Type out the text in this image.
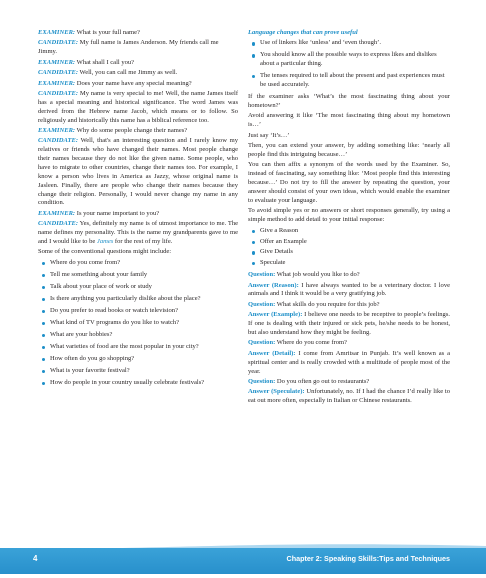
EXAMINER: What is your full name?

CANDIDATE: My full name is James Anderson. My friends call me Jimmy.

EXAMINER: What shall I call you?

CANDIDATE: Well, you can call me Jimmy as well.

EXAMINER: Does your name have any special meaning?

CANDIDATE: My name is very special to me! Well, the name James itself has a special meaning and historical significance. The word James was derived from the Hebrew name Jacob, which means or to follow. So religiously and historically this name has a biblical reference too.

EXAMINER: Why do some people change their names?

CANDIDATE: Well, that's an interesting question and I rarely know my relatives or friends who have changed their names. Most people change their names because they do not like the given name. Some people, who have to migrate to other countries, change their names too. For example, I know a person who lives in America as Jazzy, whose original name is Jasleen. Finally, there are people who change their names because they change their religion. Personally, I would never change my name in any condition.

EXAMINER: Is your name important to you?

CANDIDATE: Yes, definitely my name is of utmost importance to me. The name defines my personality. This is the name my grandparents gave to me and I would like to be James for the rest of my life.

Some of the conventional questions might include:

Where do you come from?
Tell me something about your family
Talk about your place of work or study
Is there anything you particularly dislike about the place?
Do you prefer to read books or watch television?
What kind of TV programs do you like to watch?
What are your hobbies?
What varieties of food are the most popular in your city?
How often do you go shopping?
What is your favorite festival?
How do people in your country usually celebrate festivals?

Language changes that can prove useful

Use of linkers like ‘unless’ and ‘even though’.
You should know all the possible ways to express likes and dislikes about a particular thing.
The tenses required to tell about the present and past experiences must be used accurately.

If the examiner asks ‘What’s the most fascinating thing about your hometown?’

Avoid answering it like ‘The most fascinating thing about my hometown is…’

Just say ‘It’s…’

Then, you can extend your answer, by adding something like: ‘nearly all people find this intriguing because…’

You can then affix a synonym of the words used by the Examiner. So, instead of fascinating, say something like: ‘Most people find this interesting because…’ Do not try to fill the answer by repeating the question, your answer should consist of your own ideas, which would enable the examiner to evaluate your language.

To avoid simple yes or no answers or short responses generally, try using a simple method to add detail to your initial response:

Give a Reason
Offer an Example
Give Details
Speculate

Question: What job would you like to do?

Answer (Reason): I have always wanted to be a veterinary doctor. I love animals and I think it would be a very gratifying job.

Question: What skills do you require for this job?

Answer (Example): I believe one needs to be receptive to people’s feelings. If one is dealing with their injured or sick pets, he/she needs to be honest, but also understand how they might be feeling.

Question: Where do you come from?

Answer (Detail): I come from Amritsar in Punjab. It’s well known as a spiritual center and is really crowded with a multitude of people most of the year.

Question: Do you often go out to restaurants?

Answer (Speculate): Unfortunately, no. If I had the chance I’d really like to eat out more often, especially in Italian or Chinese restaurants.

4	Chapter 2: Speaking Skills:Tips and Techniques
